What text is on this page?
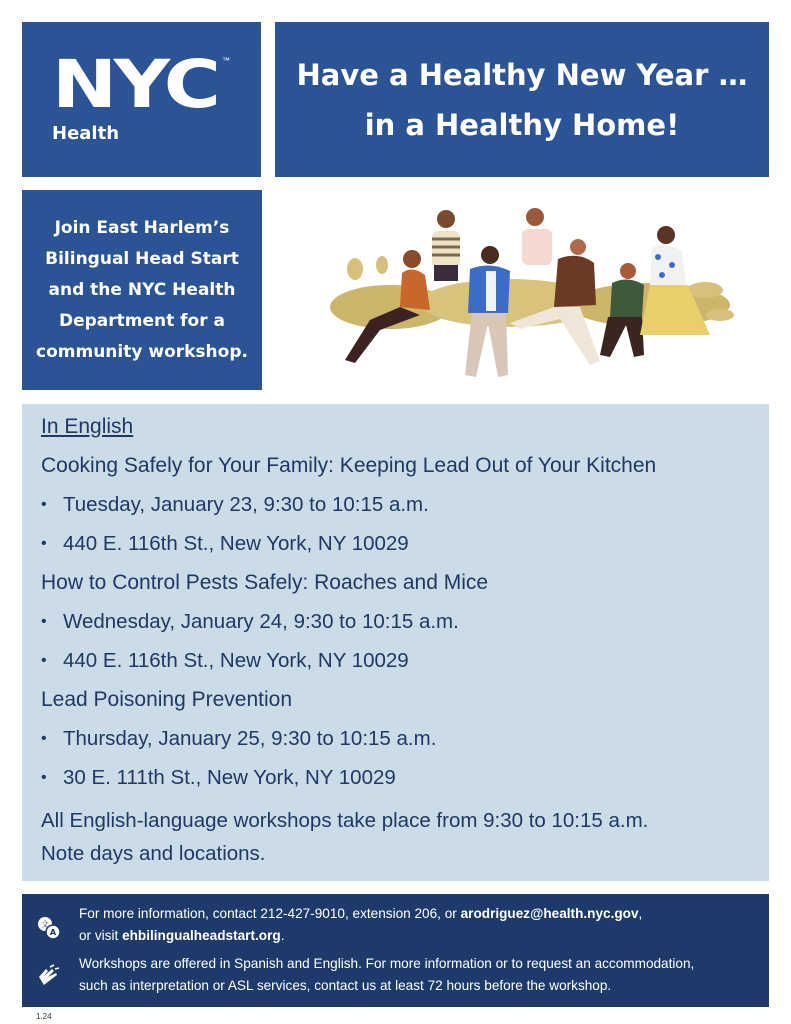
NYC ™
Health
Have a Healthy New Year …
in a Healthy Home!
Join East Harlem’s
Bilingual Head Start
and the NYC Health
Department for a
community workshop.
In English
Cooking Safely for Your Family: Keeping Lead Out of Your Kitchen
• Tuesday, January 23, 9:30 to 10:15 a.m.
• 440 E. 116th St., New York, NY 10029
How to Control Pests Safely: Roaches and Mice
• Wednesday, January 24, 9:30 to 10:15 a.m.
• 440 E. 116th St., New York, NY 10029
Lead Poisoning Prevention
• Thursday, January 25, 9:30 to 10:15 a.m.
• 30 E. 111th St., New York, NY 10029
All English-language workshops take place from 9:30 to 10:15 a.m.
Note days and locations.
文
A
For more information, contact 212-427-9010, extension 206, or arodriguez@health.nyc.gov,
or visit ehbilingualheadstart.org.
Workshops are offered in Spanish and English. For more information or to request an accommodation,
such as interpretation or ASL services, contact us at least 72 hours before the workshop.
1.24
